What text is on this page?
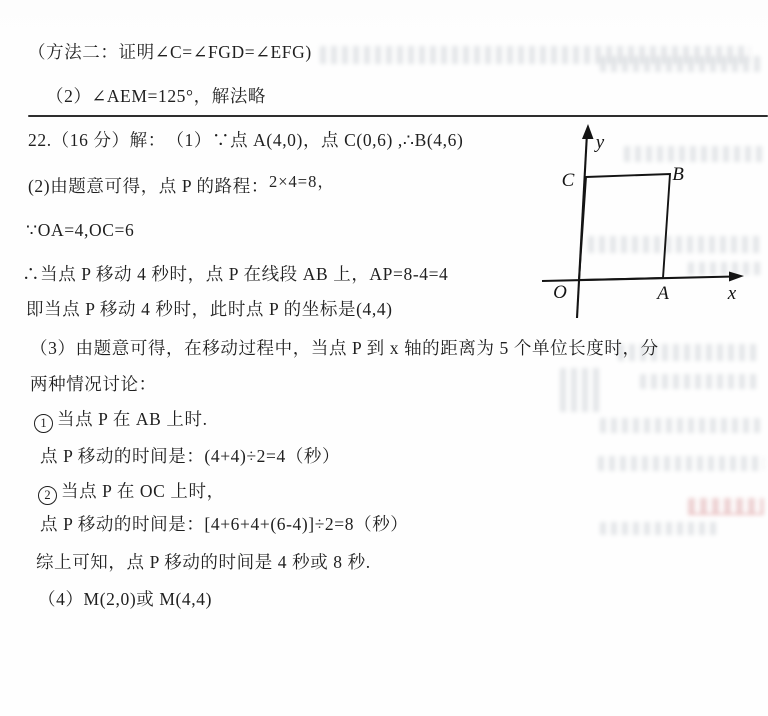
（方法二：证明∠C=∠FGD=∠EFG)
（2）∠AEM=125°，解法略
22.（16 分）解：　（1）∵点 A(4,0)，点 C(0,6) ,∴B(4,6)
(2)由题意可得，点 P 的路程：2×4=8，
∵OA=4,OC=6
∴当点 P 移动 4 秒时，点 P 在线段 AB 上，AP=8-4=4
即当点 P 移动 4 秒时，此时点 P 的坐标是(4,4)
（3）由题意可得，在移动过程中，当点 P 到 x 轴的距离为 5 个单位长度时，分
两种情况讨论：
1 当点 P 在 AB 上时.
点 P 移动的时间是：(4+4)÷2=4（秒）
2 当点 P 在 OC 上时，
点 P 移动的时间是：[4+6+4+(6-4)]÷2=8（秒）
综上可知，点 P 移动的时间是 4 秒或 8 秒.
（4）M(2,0)或 M(4,4)
y
x
C	B
O	A
